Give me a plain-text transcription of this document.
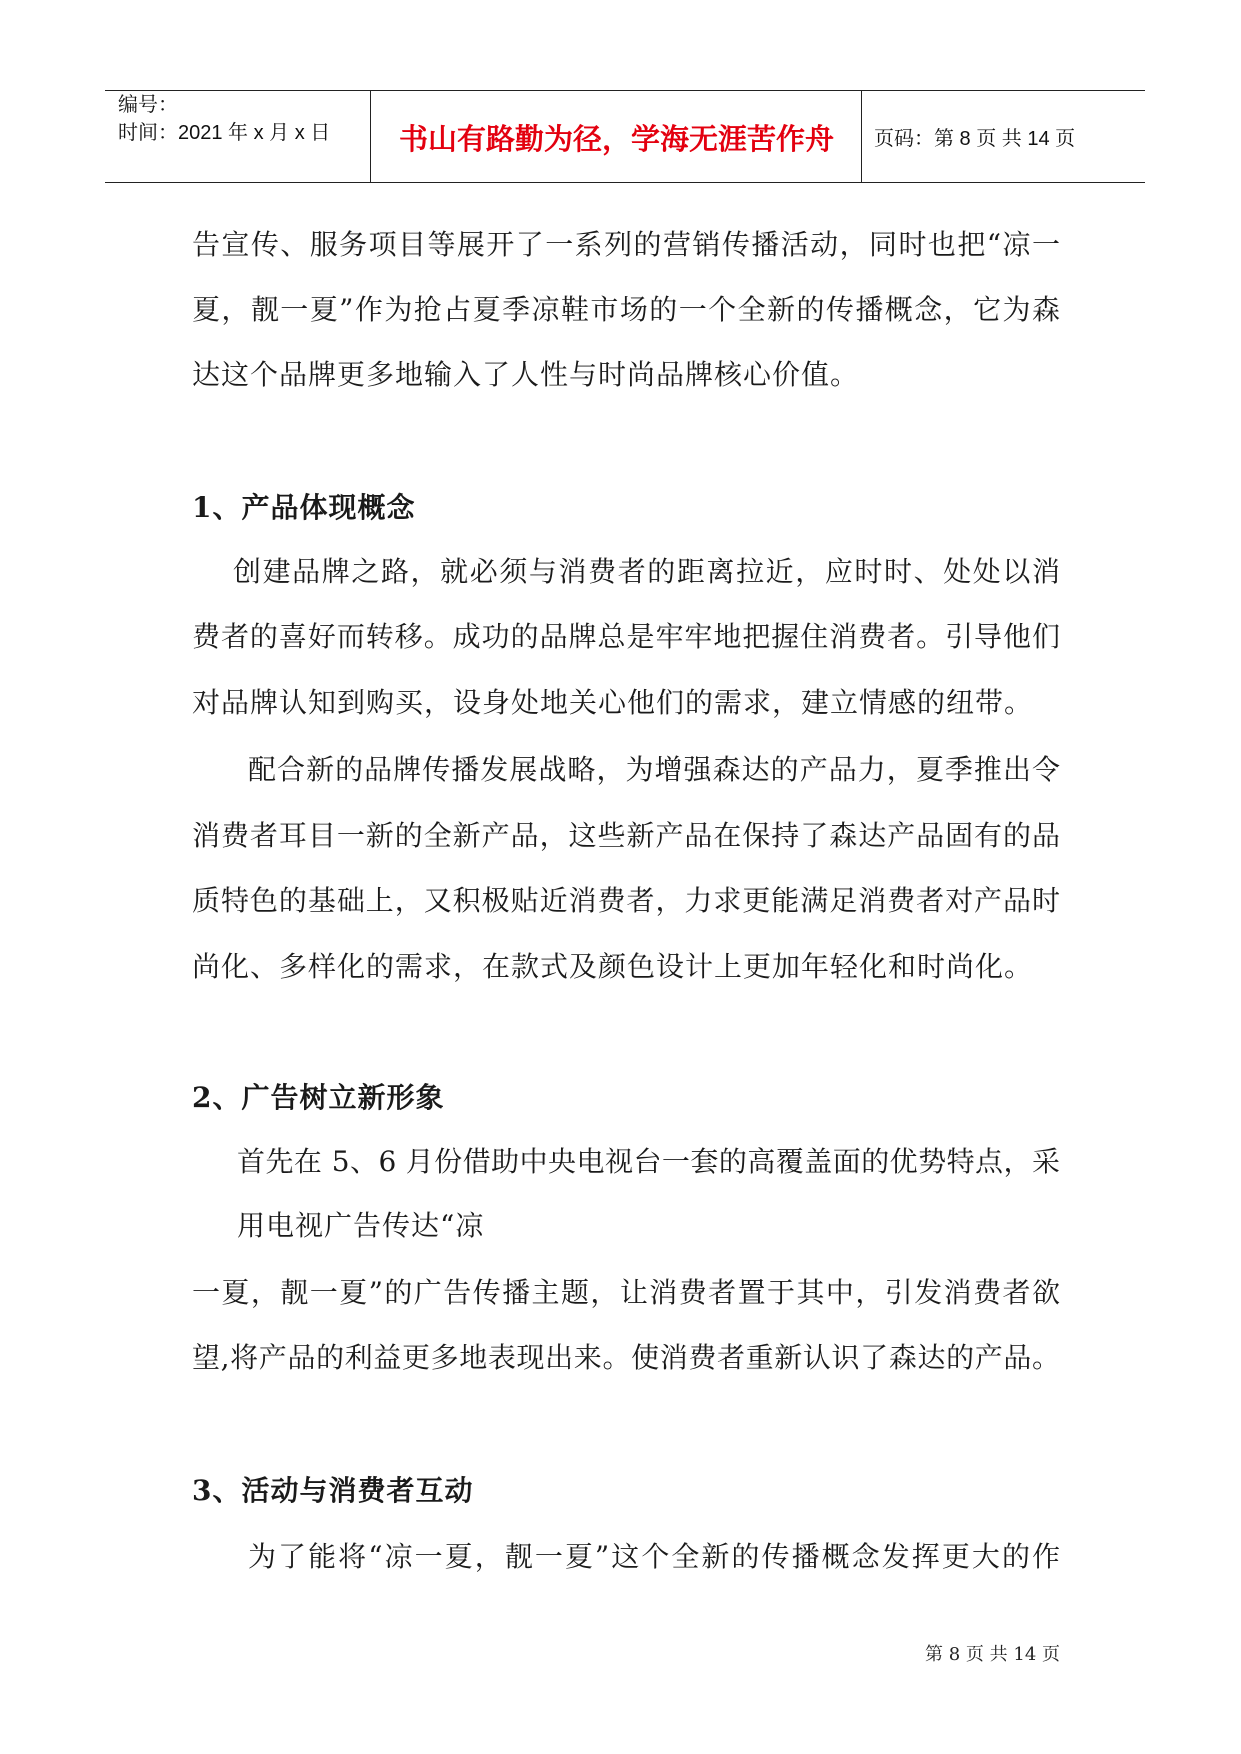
编号：
时间：2021 年 x 月 x 日	书山有路勤为径，学海无涯苦作舟	页码：第 8 页 共 14 页
告宣传、服务项目等展开了一系列的营销传播活动，同时也把“凉一
夏，靓一夏”作为抢占夏季凉鞋市场的一个全新的传播概念，它为森
达这个品牌更多地输入了人性与时尚品牌核心价值。
1、产品体现概念
创建品牌之路，就必须与消费者的距离拉近，应时时、处处以消
费者的喜好而转移。成功的品牌总是牢牢地把握住消费者。引导他们
对品牌认知到购买，设身处地关心他们的需求，建立情感的纽带。
配合新的品牌传播发展战略，为增强森达的产品力，夏季推出令
消费者耳目一新的全新产品，这些新产品在保持了森达产品固有的品
质特色的基础上，又积极贴近消费者，力求更能满足消费者对产品时
尚化、多样化的需求，在款式及颜色设计上更加年轻化和时尚化。
2、广告树立新形象
首先在 5、6 月份借助中央电视台一套的高覆盖面的优势特点，采
用电视广告传达“凉
一夏，靓一夏”的广告传播主题，让消费者置于其中，引发消费者欲
望,将产品的利益更多地表现出来。使消费者重新认识了森达的产品。
3、活动与消费者互动
为了能将“凉一夏，靓一夏”这个全新的传播概念发挥更大的作
第 8 页 共 14 页
